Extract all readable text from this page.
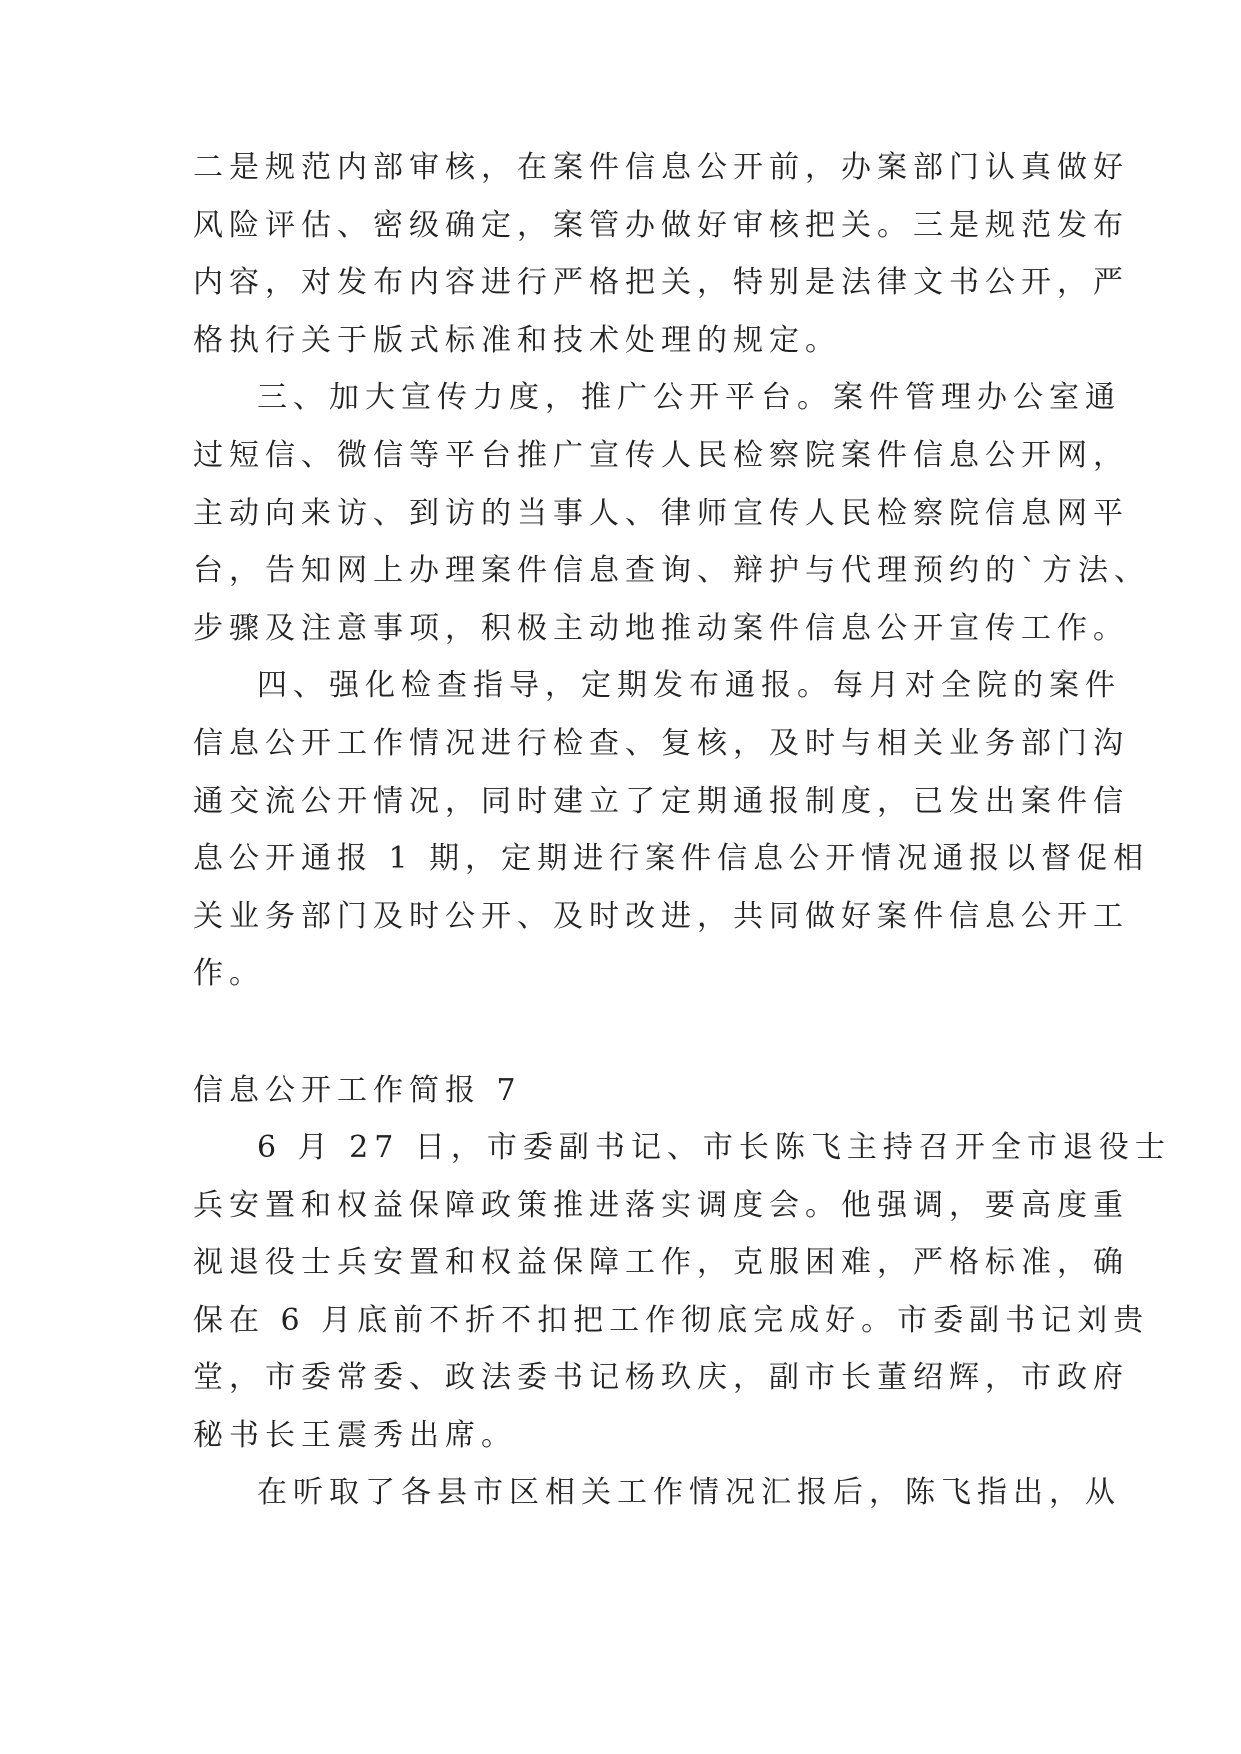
二是规范内部审核，在案件信息公开前，办案部门认真做好
风险评估、密级确定，案管办做好审核把关。三是规范发布
内容，对发布内容进行严格把关，特别是法律文书公开，严
格执行关于版式标准和技术处理的规定。
三、加大宣传力度，推广公开平台。案件管理办公室通
过短信、微信等平台推广宣传人民检察院案件信息公开网，
主动向来访、到访的当事人、律师宣传人民检察院信息网平
台，告知网上办理案件信息查询、辩护与代理预约的`方法、
步骤及注意事项，积极主动地推动案件信息公开宣传工作。
四、强化检查指导，定期发布通报。每月对全院的案件
信息公开工作情况进行检查、复核，及时与相关业务部门沟
通交流公开情况，同时建立了定期通报制度，已发出案件信
息公开通报 1 期，定期进行案件信息公开情况通报以督促相
关业务部门及时公开、及时改进，共同做好案件信息公开工
作。
信息公开工作简报 7
6 月 27 日，市委副书记、市长陈飞主持召开全市退役士
兵安置和权益保障政策推进落实调度会。他强调，要高度重
视退役士兵安置和权益保障工作，克服困难，严格标准，确
保在 6 月底前不折不扣把工作彻底完成好。市委副书记刘贵
堂，市委常委、政法委书记杨玖庆，副市长董绍辉，市政府
秘书长王震秀出席。
在听取了各县市区相关工作情况汇报后，陈飞指出，从
